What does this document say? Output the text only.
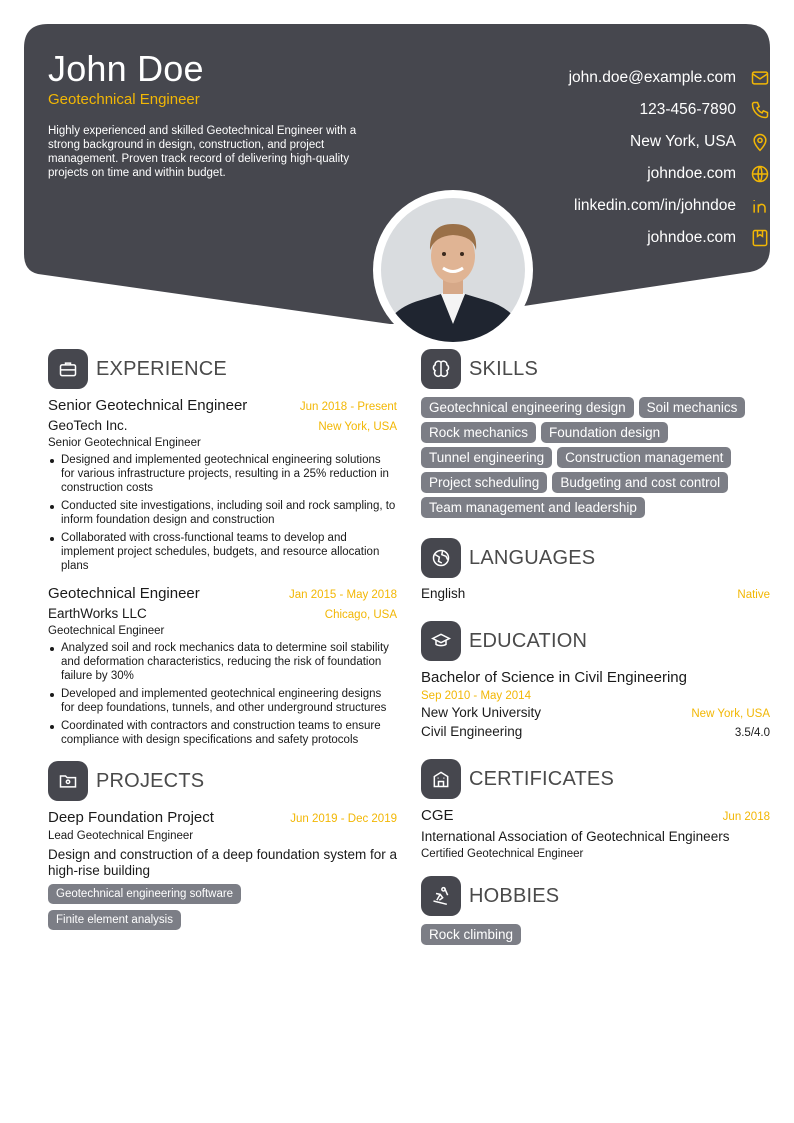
John Doe
Geotechnical Engineer
Highly experienced and skilled Geotechnical Engineer with a strong background in design, construction, and project management. Proven track record of delivering high-quality projects on time and within budget.
john.doe@example.com
123-456-7890
New York, USA
johndoe.com
linkedin.com/in/johndoe
johndoe.com
EXPERIENCE
Senior Geotechnical Engineer	Jun 2018 - Present
GeoTech Inc.	New York, USA
Senior Geotechnical Engineer
Designed and implemented geotechnical engineering solutions for various infrastructure projects, resulting in a 25% reduction in construction costs
Conducted site investigations, including soil and rock sampling, to inform foundation design and construction
Collaborated with cross-functional teams to develop and implement project schedules, budgets, and resource allocation plans
Geotechnical Engineer	Jan 2015 - May 2018
EarthWorks LLC	Chicago, USA
Geotechnical Engineer
Analyzed soil and rock mechanics data to determine soil stability and deformation characteristics, reducing the risk of foundation failure by 30%
Developed and implemented geotechnical engineering designs for deep foundations, tunnels, and other underground structures
Coordinated with contractors and construction teams to ensure compliance with design specifications and safety protocols
PROJECTS
Deep Foundation Project	Jun 2019 - Dec 2019
Lead Geotechnical Engineer
Design and construction of a deep foundation system for a high-rise building
Geotechnical engineering software
Finite element analysis
SKILLS
Geotechnical engineering design Soil mechanics
Rock mechanics Foundation design
Tunnel engineering Construction management
Project scheduling Budgeting and cost control
Team management and leadership
LANGUAGES
English	Native
EDUCATION
Bachelor of Science in Civil Engineering
Sep 2010 - May 2014
New York University	New York, USA
Civil Engineering	3.5/4.0
CERTIFICATES
CGE	Jun 2018
International Association of Geotechnical Engineers
Certified Geotechnical Engineer
HOBBIES
Rock climbing
